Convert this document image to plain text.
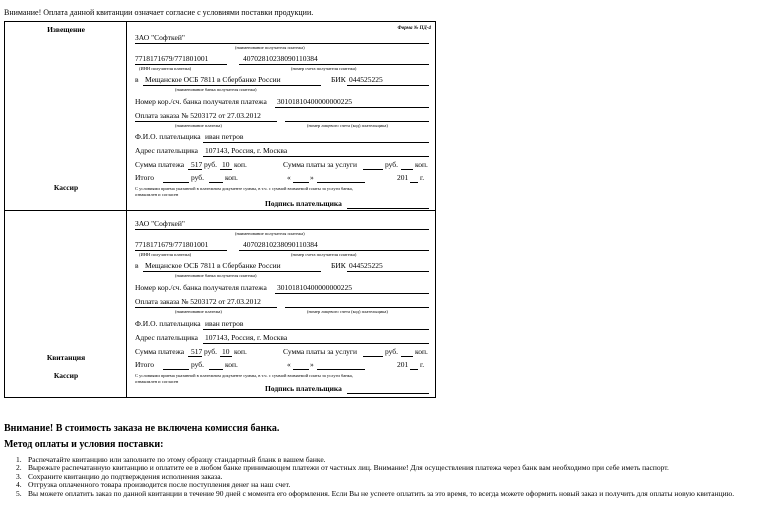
Внимание! Оплата данной квитанции означает согласие с условиями поставки продукции.
Извещение
Кассир
Форма № ПД-4
ЗАО "Софткей"
(наименование получателя платежа)
7718171679/771801001	40702810238090110384
(ИНН получателя платежа)	(номер счета получателя платежа)
в Мещанское ОСБ 7811 в Сбербанке России	БИК 044525225
(наименование банка получателя платежа)
Номер кор./сч. банка получателя платежа 30101810400000000225
Оплата заказа № 5203172 от 27.03.2012
(наименование платежа)	(номер лицевого счета (код) плательщика)
Ф.И.О. плательщика иван петров
Адрес плательщика 107143, Россия, г. Москва
Сумма платежа 517 руб. 10 коп.	Сумма платы за услуги	руб. коп.
Итого	руб.	коп.	«	»	201 г.
С условиями приема указанной в платежном документе суммы, в т.ч. с суммой взимаемой платы за услуги банка,
ознакомлен и согласен
Подпись плательщика
Квитанция
Кассир
ЗАО "Софткей"
(наименование получателя платежа)
7718171679/771801001	40702810238090110384
(ИНН получателя платежа)	(номер счета получателя платежа)
в Мещанское ОСБ 7811 в Сбербанке России	БИК 044525225
(наименование банка получателя платежа)
Номер кор./сч. банка получателя платежа 30101810400000000225
Оплата заказа № 5203172 от 27.03.2012
(наименование платежа)	(номер лицевого счета (код) плательщика)
Ф.И.О. плательщика иван петров
Адрес плательщика 107143, Россия, г. Москва
Сумма платежа 517 руб. 10 коп.	Сумма платы за услуги	руб. коп.
Итого	руб.	коп.	«	»	201 г.
С условиями приема указанной в платежном документе суммы, в т.ч. с суммой взимаемой платы за услуги банка,
ознакомлен и согласен
Подпись плательщика
Внимание! В стоимость заказа не включена комиссия банка.
Метод оплаты и условия поставки:
1. Распечатайте квитанцию или заполните по этому образцу стандартный бланк в вашем банке.
2. Вырежьте распечатанную квитанцию и оплатите ее в любом банке принимающем платежи от частных лиц. Внимание! Для осуществления платежа через банк вам необходимо при себе иметь паспорт.
3. Сохраните квитанцию до подтверждения исполнения заказа.
4. Отгрузка оплаченного товара производится после поступления денег на наш счет.
5. Вы можете оплатить заказ по данной квитанции в течение 90 дней с момента его оформления. Если Вы не успеете оплатить за это время, то всегда можете оформить новый заказ и получить для оплаты новую квитанцию.
